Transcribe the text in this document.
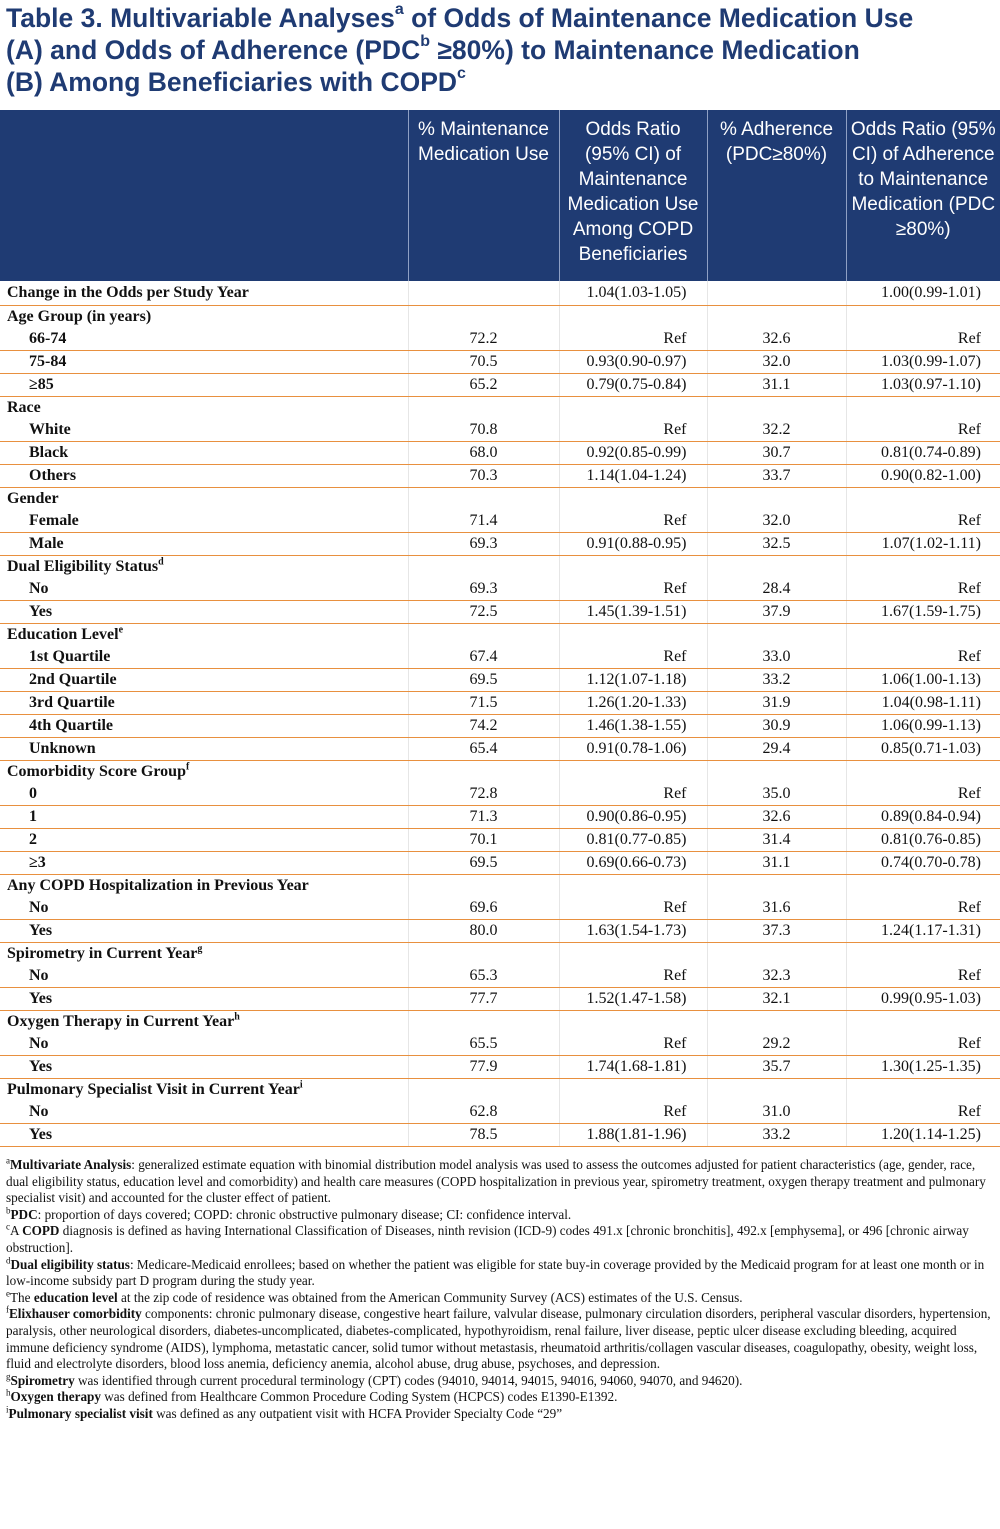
Table 3. Multivariable Analyses$^a$ of Odds of Maintenance Medication Use
(A) and Odds of Adherence $(PDC^b \ge 80\%)$ to Maintenance Medication
(B) Among Beneficiaries with COPD$^c$
	% Maintenance Medication Use	Odds Ratio (95% CI) of Maintenance Medication Use Among COPD Beneficiaries	% Adherence (PDC≥80%)	Odds Ratio (95% CI) of Adherence to Maintenance Medication (PDC ≥80%)
Change in the Odds per Study Year		1.04(1.03-1.05)		1.00(0.99-1.01)
Age Group (in years)				
66-74	72.2	Ref	32.6	Ref
75-84	70.5	0.93(0.90-0.97)	32.0	1.03(0.99-1.07)
≥85	65.2	0.79(0.75-0.84)	31.1	1.03(0.97-1.10)
Race				
White	70.8	Ref	32.2	Ref
Black	68.0	0.92(0.85-0.99)	30.7	0.81(0.74-0.89)
Others	70.3	1.14(1.04-1.24)	33.7	0.90(0.82-1.00)
Gender				
Female	71.4	Ref	32.0	Ref
Male	69.3	0.91(0.88-0.95)	32.5	1.07(1.02-1.11)
Dual Eligibility Status$^d$				
No	69.3	Ref	28.4	Ref
Yes	72.5	1.45(1.39-1.51)	37.9	1.67(1.59-1.75)
Education Level$^e$				
1st Quartile	67.4	Ref	33.0	Ref
2nd Quartile	69.5	1.12(1.07-1.18)	33.2	1.06(1.00-1.13)
3rd Quartile	71.5	1.26(1.20-1.33)	31.9	1.04(0.98-1.11)
4th Quartile	74.2	1.46(1.38-1.55)	30.9	1.06(0.99-1.13)
Unknown	65.4	0.91(0.78-1.06)	29.4	0.85(0.71-1.03)
Comorbidity Score Group$^f$				
0	72.8	Ref	35.0	Ref
1	71.3	0.90(0.86-0.95)	32.6	0.89(0.84-0.94)
2	70.1	0.81(0.77-0.85)	31.4	0.81(0.76-0.85)
≥3	69.5	0.69(0.66-0.73)	31.1	0.74(0.70-0.78)
Any COPD Hospitalization in Previous Year				
No	69.6	Ref	31.6	Ref
Yes	80.0	1.63(1.54-1.73)	37.3	1.24(1.17-1.31)
Spirometry in Current Year$^g$				
No	65.3	Ref	32.3	Ref
Yes	77.7	1.52(1.47-1.58)	32.1	0.99(0.95-1.03)
Oxygen Therapy in Current Year$^h$				
No	65.5	Ref	29.2	Ref
Yes	77.9	1.74(1.68-1.81)	35.7	1.30(1.25-1.35)
Pulmonary Specialist Visit in Current Year$^i$				
No	62.8	Ref	31.0	Ref
Yes	78.5	1.88(1.81-1.96)	33.2	1.20(1.14-1.25)

$^a$Multivariate Analysis: generalized estimate equation with binomial distribution model analysis was used to assess the outcomes adjusted for patient characteristics (age, gender, race, dual eligibility status, education level and comorbidity) and health care measures (COPD hospitalization in previous year, spirometry treatment, oxygen therapy treatment and pulmonary specialist visit) and accounted for the cluster effect of patient.

$^b$PDC: proportion of days covered; COPD: chronic obstructive pulmonary disease; CI: confidence interval.

$^c$A COPD diagnosis is defined as having International Classification of Diseases, ninth revision (ICD-9) codes 491.x [chronic bronchitis], 492.x [emphysema], or 496 [chronic airway obstruction].

$^d$Dual eligibility status: Medicare-Medicaid enrollees; based on whether the patient was eligible for state buy-in coverage provided by the Medicaid program for at least one month or in low-income subsidy part D program during the study year.

$^e$The education level at the zip code of residence was obtained from the American Community Survey (ACS) estimates of the U.S. Census.

$^f$Elixhauser comorbidity components: chronic pulmonary disease, congestive heart failure, valvular disease, pulmonary circulation disorders, peripheral vascular disorders, hypertension, paralysis, other neurological disorders, diabetes-uncomplicated, diabetes-complicated, hypothyroidism, renal failure, liver disease, peptic ulcer disease excluding bleeding, acquired immune deficiency syndrome (AIDS), lymphoma, metastatic cancer, solid tumor without metastasis, rheumatoid arthritis/collagen vascular diseases, coagulopathy, obesity, weight loss, fluid and electrolyte disorders, blood loss anemia, deficiency anemia, alcohol abuse, drug abuse, psychoses, and depression.

$^g$Spirometry was identified through current procedural terminology (CPT) codes (94010, 94014, 94015, 94016, 94060, 94070, and 94620).

$^h$Oxygen therapy was defined from Healthcare Common Procedure Coding System (HCPCS) codes E1390-E1392.

$^i$Pulmonary specialist visit was defined as any outpatient visit with HCFA Provider Specialty Code “29”
